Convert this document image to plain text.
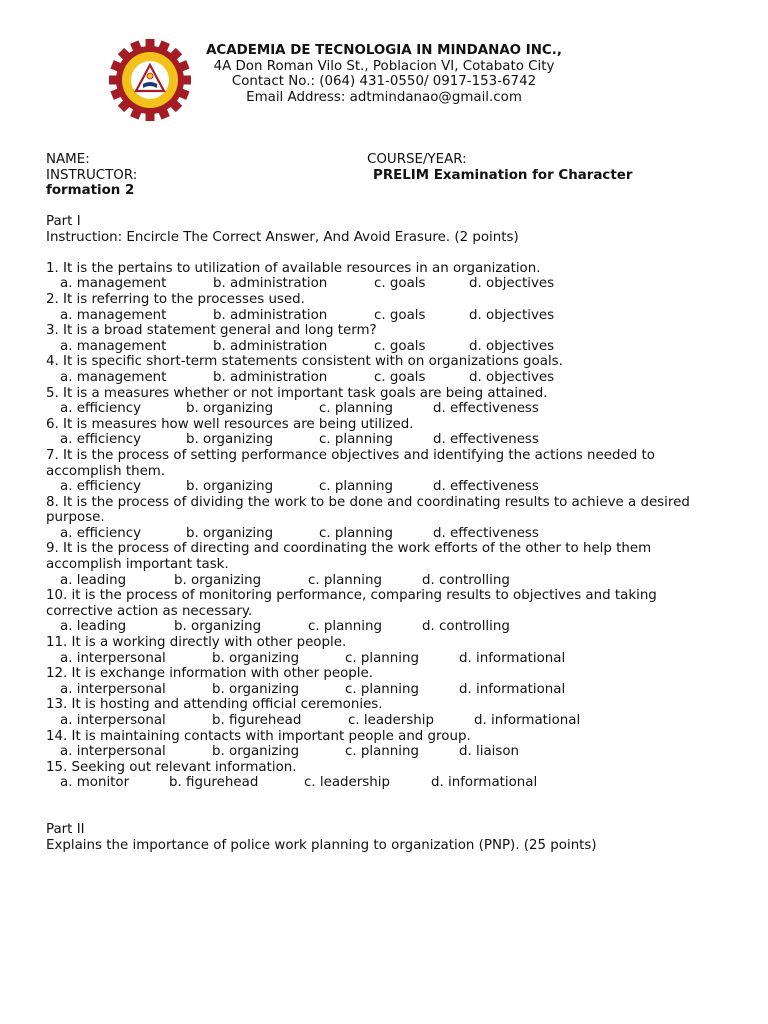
ACADEMIA DE TECNOLOGIA IN MINDANAO INC.,
4A Don Roman Vilo St., Poblacion VI, Cotabato City
Contact No.: (064) 431-0550/ 0917-153-6742
Email Address: adtmindanao@gmail.com
NAME:	COURSE/YEAR:
INSTRUCTOR:	PRELIM Examination for Character
formation 2
Part I
Instruction: Encircle The Correct Answer, And Avoid Erasure. (2 points)
1. It is the pertains to utilization of available resources in an organization.
a. management	b. administration	c. goals	d. objectives
2. It is referring to the processes used.
a. management	b. administration	c. goals	d. objectives
3. It is a broad statement general and long term?
a. management	b. administration	c. goals	d. objectives
4. It is specific short-term statements consistent with on organizations goals.
a. management	b. administration	c. goals	d. objectives
5. It is a measures whether or not important task goals are being attained.
a. efficiency	b. organizing	c. planning	d. effectiveness
6. It is measures how well resources are being utilized.
a. efficiency	b. organizing	c. planning	d. effectiveness
7. It is the process of setting performance objectives and identifying the actions needed to accomplish them.
a. efficiency	b. organizing	c. planning	d. effectiveness
8. It is the process of dividing the work to be done and coordinating results to achieve a desired purpose.
a. efficiency	b. organizing	c. planning	d. effectiveness
9. It is the process of directing and coordinating the work efforts of the other to help them accomplish important task.
a. leading	b. organizing	c. planning	d. controlling
10. it is the process of monitoring performance, comparing results to objectives and taking corrective action as necessary.
a. leading	b. organizing	c. planning	d. controlling
11. It is a working directly with other people.
a. interpersonal	b. organizing	c. planning	d. informational
12. It is exchange information with other people.
a. interpersonal	b. organizing	c. planning	d. informational
13. It is hosting and attending official ceremonies.
a. interpersonal	b. figurehead	c. leadership	d. informational
14. It is maintaining contacts with important people and group.
a. interpersonal	b. organizing	c. planning	d. liaison
15. Seeking out relevant information.
a. monitor	b. figurehead	c. leadership	d. informational
Part II
Explains the importance of police work planning to organization (PNP). (25 points)
